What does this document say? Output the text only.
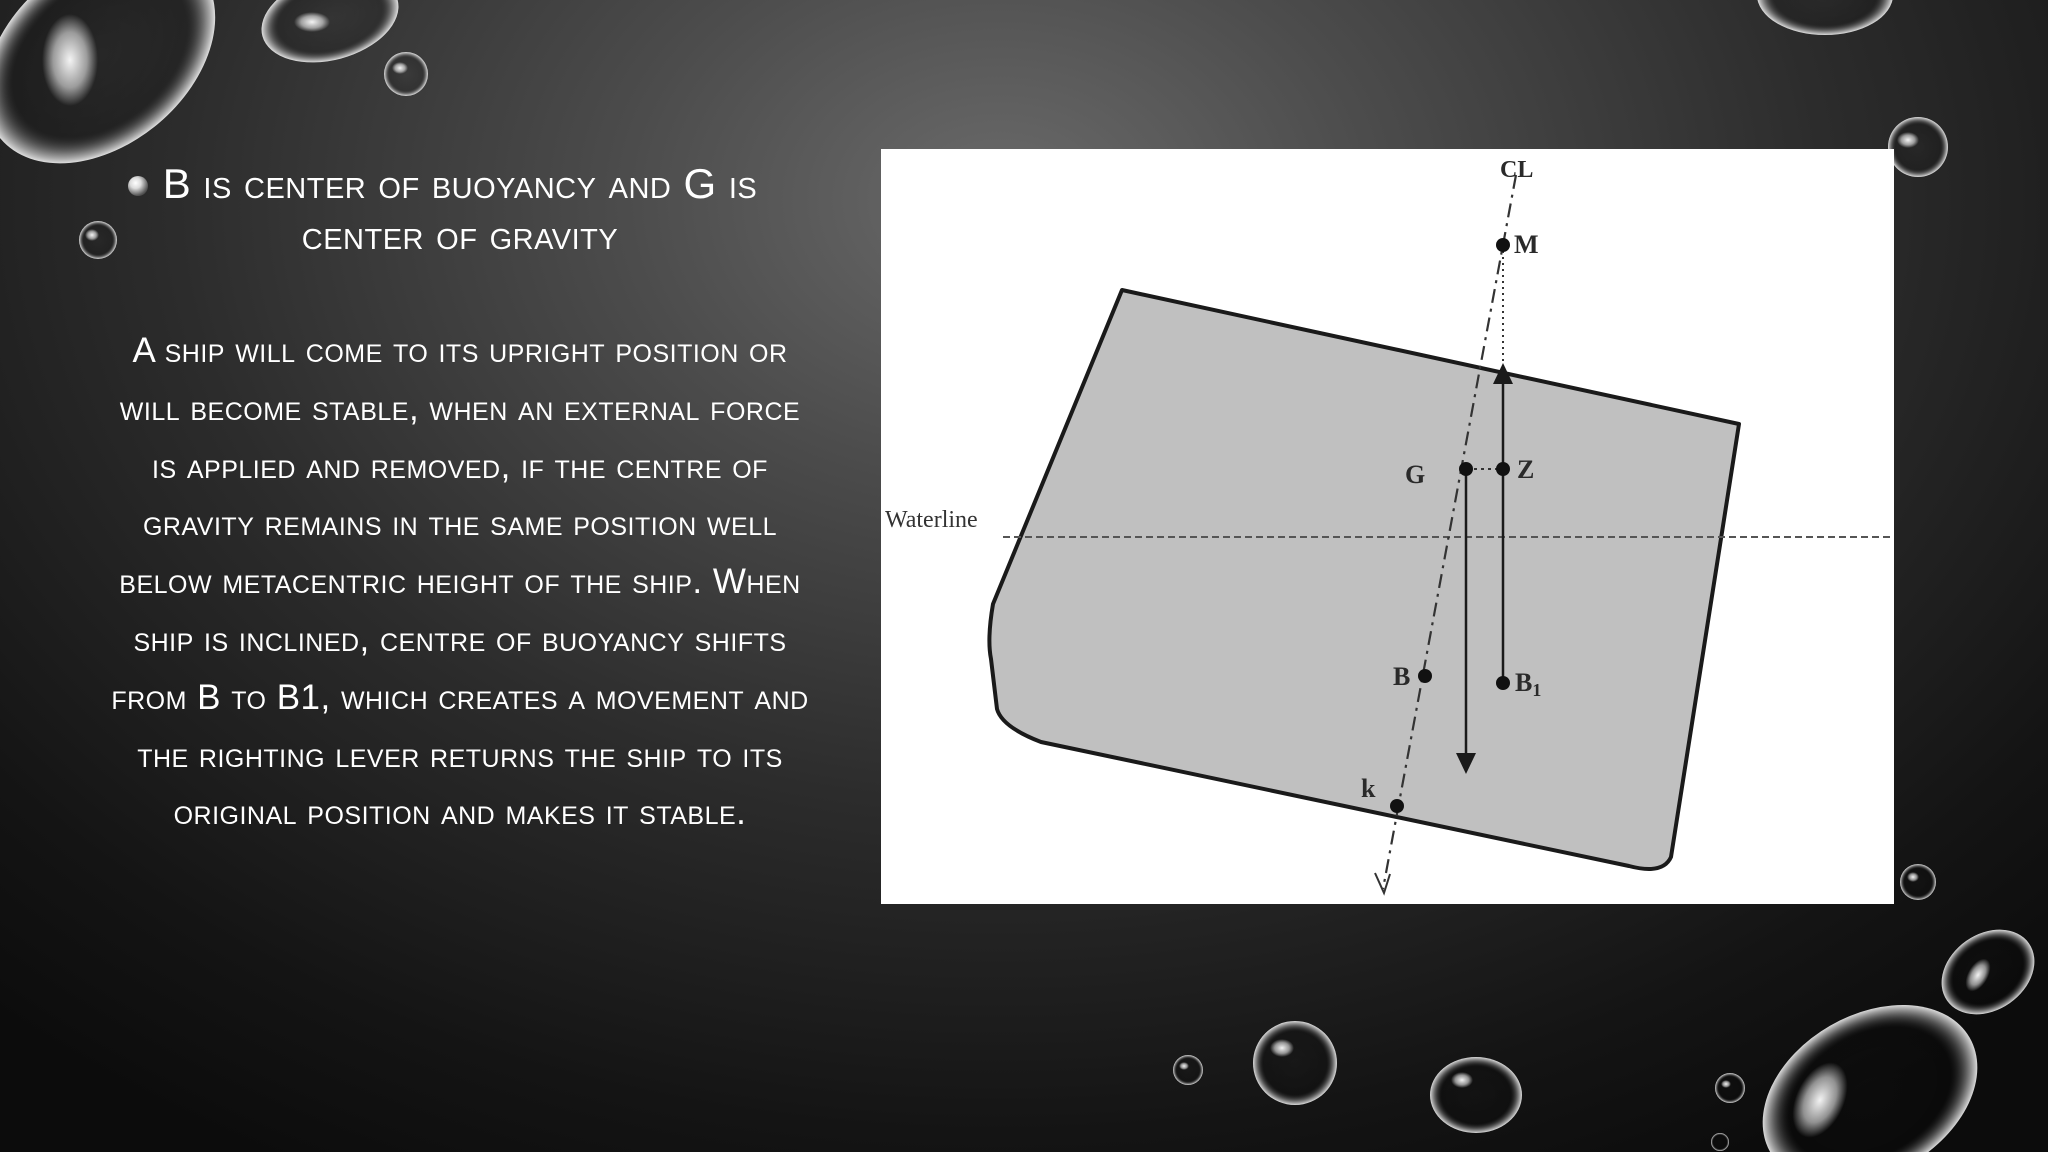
B is center of buoyancy and G is center of gravity

A ship will come to its upright position or will become stable, when an external force is applied and removed, if the centre of gravity remains in the same position well below metacentric height of the ship. When ship is inclined, centre of buoyancy shifts from B to B1, which creates a movement and the righting lever returns the ship to its original position and makes it stable.

CL
M
G	Z
B	B1
k
Waterline
